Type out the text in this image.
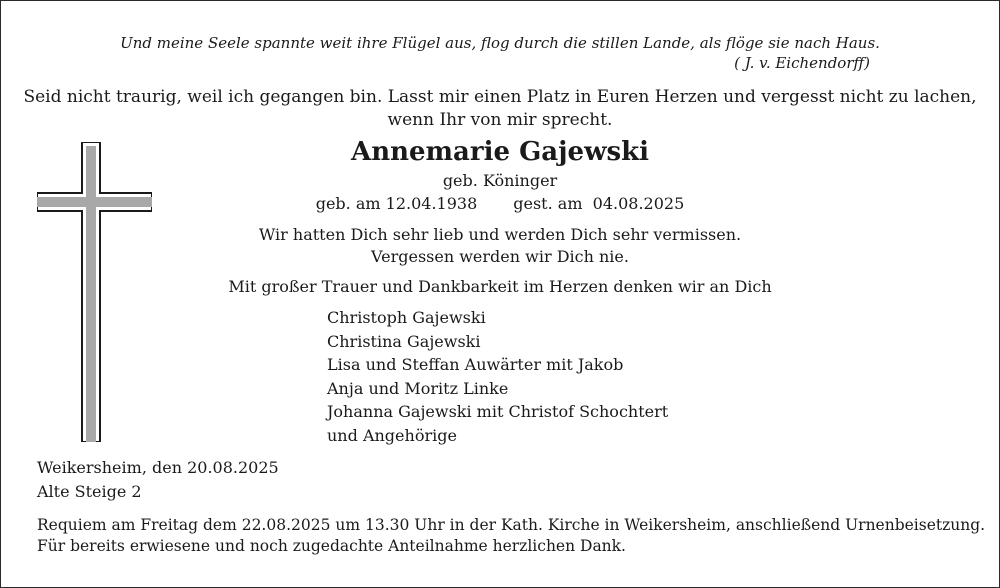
Und meine Seele spannte weit ihre Flügel aus, flog durch die stillen Lande, als flöge sie nach Haus.
( J. v. Eichendorff)
Seid nicht traurig, weil ich gegangen bin. Lasst mir einen Platz in Euren Herzen und vergesst nicht zu lachen,
wenn Ihr von mir sprecht.
Annemarie Gajewski
geb. Köninger
geb. am 12.04.1938 gest. am  04.08.2025
Wir hatten Dich sehr lieb und werden Dich sehr vermissen.
Vergessen werden wir Dich nie.
Mit großer Trauer und Dankbarkeit im Herzen denken wir an Dich
Christoph Gajewski
Christina Gajewski
Lisa und Steffan Auwärter mit Jakob
Anja und Moritz Linke
Johanna Gajewski mit Christof Schochtert
und Angehörige
Weikersheim, den 20.08.2025
Alte Steige 2
Requiem am Freitag dem 22.08.2025 um 13.30 Uhr in der Kath. Kirche in Weikersheim, anschließend Urnenbeisetzung.
Für bereits erwiesene und noch zugedachte Anteilnahme herzlichen Dank.
